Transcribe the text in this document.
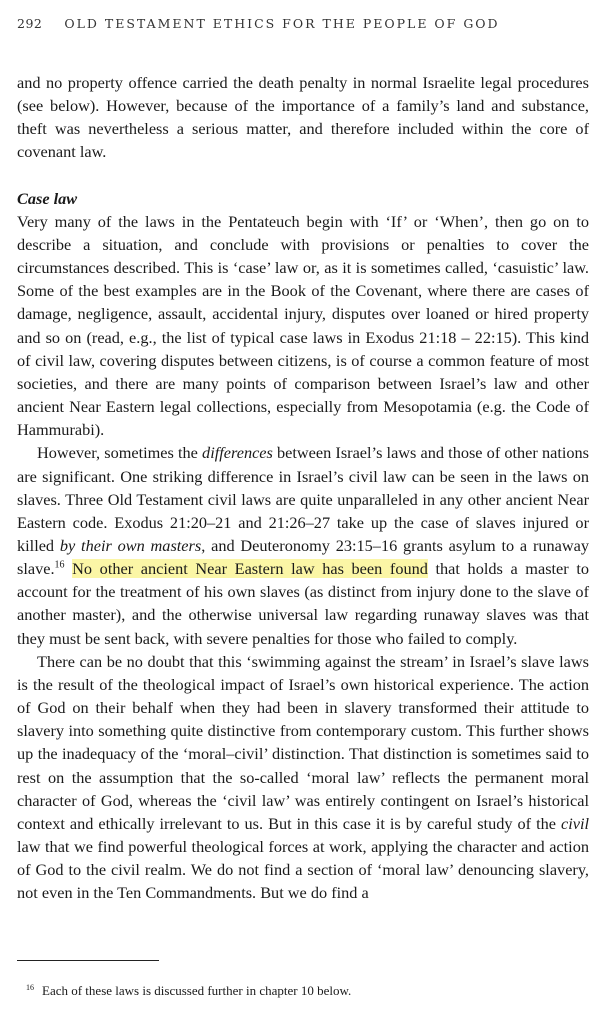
292 OLD TESTAMENT ETHICS FOR THE PEOPLE OF GOD

and no property offence carried the death penalty in normal Israelite legal procedures (see below). However, because of the importance of a family’s land and substance, theft was nevertheless a serious matter, and therefore included within the core of covenant law.

Case law

Very many of the laws in the Pentateuch begin with ‘If’ or ‘When’, then go on to describe a situation, and conclude with provisions or penalties to cover the circumstances described. This is ‘case’ law or, as it is sometimes called, ‘casuistic’ law. Some of the best examples are in the Book of the Covenant, where there are cases of damage, negligence, assault, accidental injury, disputes over loaned or hired property and so on (read, e.g., the list of typical case laws in Exodus 21:18 – 22:15). This kind of civil law, covering disputes between citizens, is of course a common feature of most societies, and there are many points of comparison between Israel’s law and other ancient Near Eastern legal collections, especially from Mesopotamia (e.g. the Code of Hammurabi).

However, sometimes the differences between Israel’s laws and those of other nations are significant. One striking difference in Israel’s civil law can be seen in the laws on slaves. Three Old Testament civil laws are quite unparalleled in any other ancient Near Eastern code. Exodus 21:20–21 and 21:26–27 take up the case of slaves injured or killed by their own masters, and Deuteronomy 23:15–16 grants asylum to a runaway slave.$^{16}$ No other ancient Near Eastern law has been found that holds a master to account for the treatment of his own slaves (as distinct from injury done to the slave of another master), and the otherwise universal law regarding runaway slaves was that they must be sent back, with severe penalties for those who failed to comply.

There can be no doubt that this ‘swimming against the stream’ in Israel’s slave laws is the result of the theological impact of Israel’s own historical experience. The action of God on their behalf when they had been in slavery transformed their attitude to slavery into something quite distinctive from contemporary custom. This further shows up the inadequacy of the ‘moral–civil’ distinction. That distinction is sometimes said to rest on the assumption that the so-called ‘moral law’ reflects the permanent moral character of God, whereas the ‘civil law’ was entirely contingent on Israel’s historical context and ethically irrelevant to us. But in this case it is by careful study of the civil law that we find powerful theological forces at work, applying the character and action of God to the civil realm. We do not find a section of ‘moral law’ denouncing slavery, not even in the Ten Commandments. But we do find a

$^{16}$ Each of these laws is discussed further in chapter 10 below.
